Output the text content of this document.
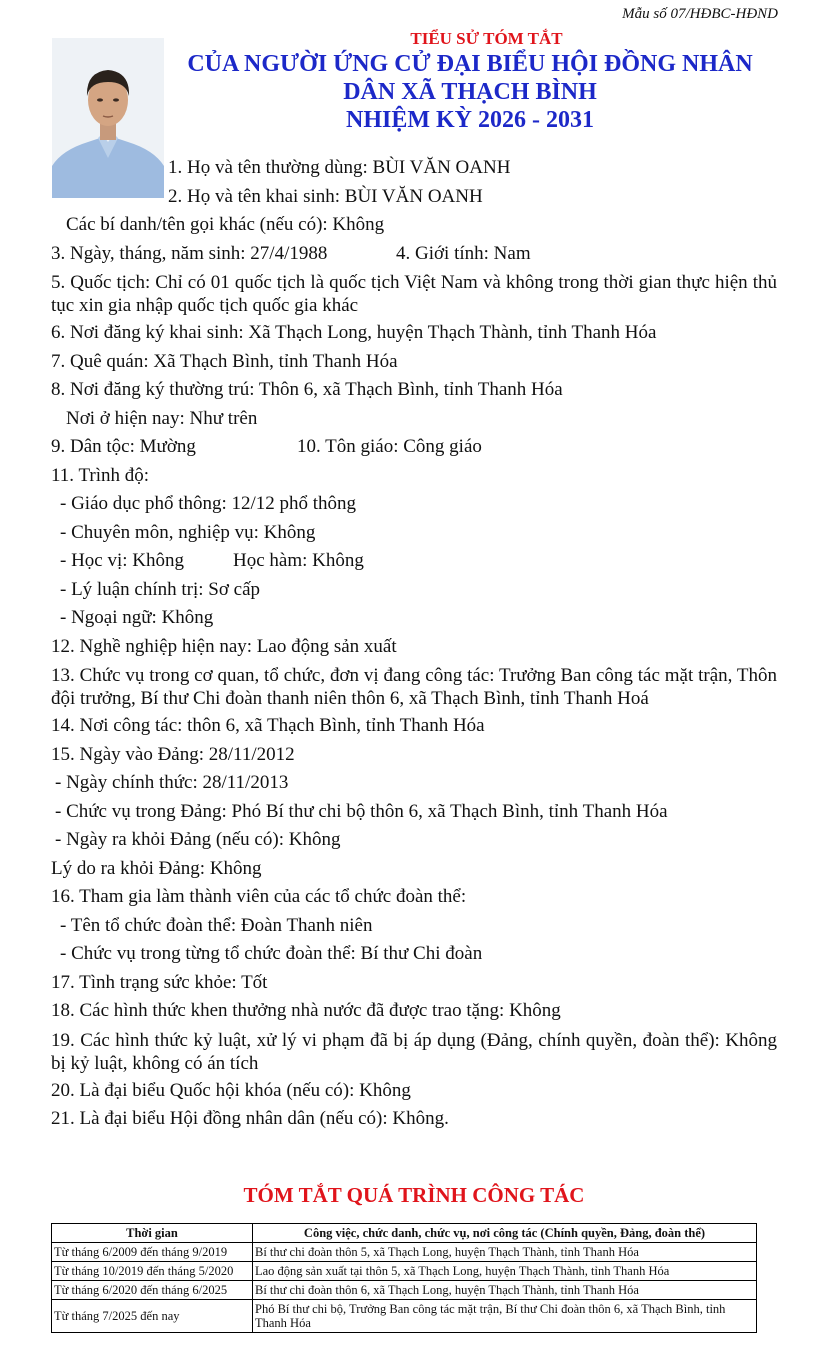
Mẫu số 07/HĐBC-HĐND
TIỂU SỬ TÓM TẮT
CỦA NGƯỜI ỨNG CỬ ĐẠI BIỂU HỘI ĐỒNG NHÂN
DÂN XÃ THẠCH BÌNH
NHIỆM KỲ 2026 - 2031
1. Họ và tên thường dùng: BÙI VĂN OANH
2. Họ và tên khai sinh: BÙI VĂN OANH
Các bí danh/tên gọi khác (nếu có): Không
3. Ngày, tháng, năm sinh: 27/4/1988	4. Giới tính: Nam
5. Quốc tịch: Chỉ có 01 quốc tịch là quốc tịch Việt Nam và không trong thời gian thực hiện thủ tục xin gia nhập quốc tịch quốc gia khác
6. Nơi đăng ký khai sinh: Xã Thạch Long, huyện Thạch Thành, tỉnh Thanh Hóa
7. Quê quán: Xã Thạch Bình, tỉnh Thanh Hóa
8. Nơi đăng ký thường trú: Thôn 6, xã Thạch Bình, tỉnh Thanh Hóa
Nơi ở hiện nay: Như trên
9. Dân tộc: Mường	10. Tôn giáo: Công giáo
11. Trình độ:
- Giáo dục phổ thông: 12/12 phổ thông
- Chuyên môn, nghiệp vụ: Không
- Học vị: Không	Học hàm: Không
- Lý luận chính trị: Sơ cấp
- Ngoại ngữ: Không
12. Nghề nghiệp hiện nay: Lao động sản xuất
13. Chức vụ trong cơ quan, tổ chức, đơn vị đang công tác: Trưởng Ban công tác mặt trận, Thôn đội trưởng, Bí thư Chi đoàn thanh niên thôn 6, xã Thạch Bình, tỉnh Thanh Hoá
14. Nơi công tác: thôn 6, xã Thạch Bình, tỉnh Thanh Hóa
15. Ngày vào Đảng: 28/11/2012
- Ngày chính thức: 28/11/2013
- Chức vụ trong Đảng: Phó Bí thư chi bộ thôn 6, xã Thạch Bình, tỉnh Thanh Hóa
- Ngày ra khỏi Đảng (nếu có): Không
Lý do ra khỏi Đảng: Không
16. Tham gia làm thành viên của các tổ chức đoàn thể:
- Tên tổ chức đoàn thể: Đoàn Thanh niên
- Chức vụ trong từng tổ chức đoàn thể: Bí thư Chi đoàn
17. Tình trạng sức khỏe: Tốt
18. Các hình thức khen thưởng nhà nước đã được trao tặng: Không
19. Các hình thức kỷ luật, xử lý vi phạm đã bị áp dụng (Đảng, chính quyền, đoàn thể): Không bị kỷ luật, không có án tích
20. Là đại biểu Quốc hội khóa (nếu có): Không
21. Là đại biểu Hội đồng nhân dân (nếu có): Không.
TÓM TẮT QUÁ TRÌNH CÔNG TÁC
Thời gian	Công việc, chức danh, chức vụ, nơi công tác (Chính quyền, Đảng, đoàn thể)
Từ tháng 6/2009 đến tháng 9/2019	Bí thư chi đoàn thôn 5, xã Thạch Long, huyện Thạch Thành, tỉnh Thanh Hóa
Từ tháng 10/2019 đến tháng 5/2020	Lao động sản xuất tại thôn 5, xã Thạch Long, huyện Thạch Thành, tỉnh Thanh Hóa
Từ tháng 6/2020 đến tháng 6/2025	Bí thư chi đoàn thôn 6, xã Thạch Long, huyện Thạch Thành, tỉnh Thanh Hóa
Từ tháng 7/2025 đến nay	Phó Bí thư chi bộ, Trưởng Ban công tác mặt trận, Bí thư Chi đoàn thôn 6, xã Thạch Bình, tỉnh Thanh Hóa
